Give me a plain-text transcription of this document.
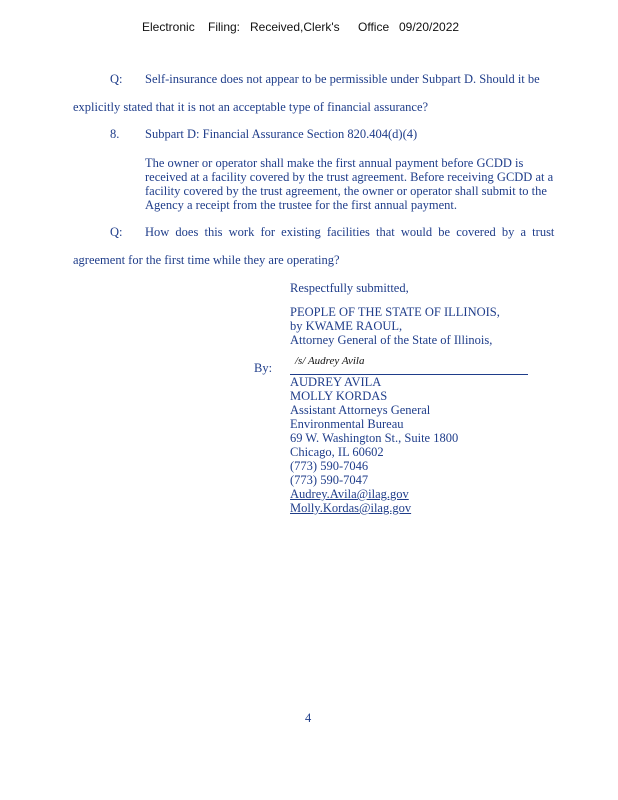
Electronic Filing: Received,Clerk's Office 09/20/2022
Q: Self-insurance does not appear to be permissible under Subpart D. Should it be
explicitly stated that it is not an acceptable type of financial assurance?
8. Subpart D: Financial Assurance Section 820.404(d)(4)
The owner or operator shall make the first annual payment before GCDD is
received at a facility covered by the trust agreement. Before receiving GCDD at a
facility covered by the trust agreement, the owner or operator shall submit to the
Agency a receipt from the trustee for the first annual payment.
Q: How does this work for existing facilities that would be covered by a trust
agreement for the first time while they are operating?
Respectfully submitted,
PEOPLE OF THE STATE OF ILLINOIS,
by KWAME RAOUL,
Attorney General of the State of Illinois,
By: /s/ Audrey Avila
AUDREY AVILA
MOLLY KORDAS
Assistant Attorneys General
Environmental Bureau
69 W. Washington St., Suite 1800
Chicago, IL 60602
(773) 590-7046
(773) 590-7047
Audrey.Avila@ilag.gov
Molly.Kordas@ilag.gov
4
